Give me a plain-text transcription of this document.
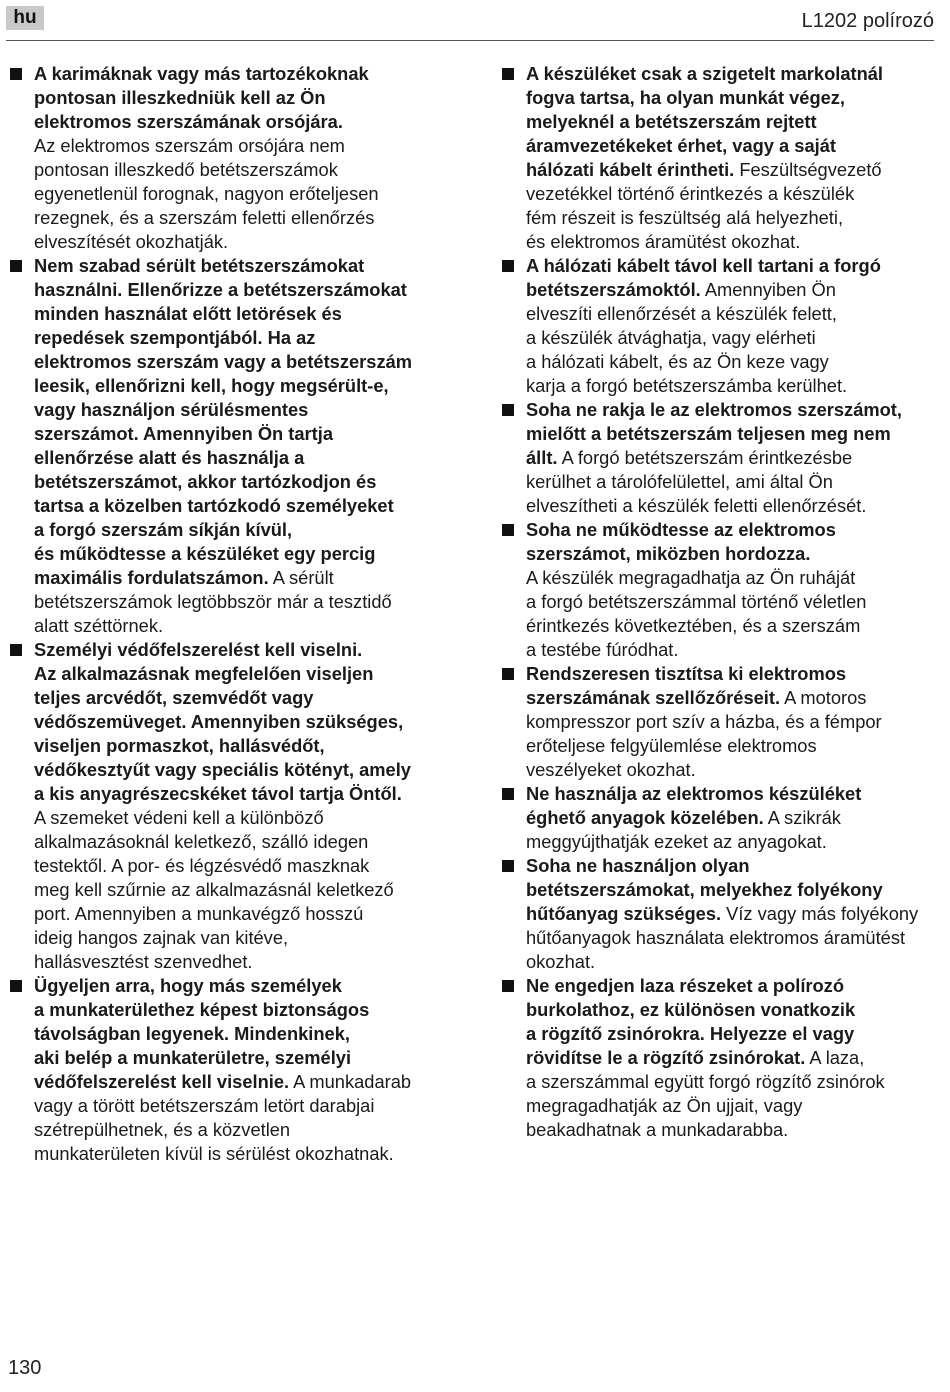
hu	L1202 polírozó
A karimáknak vagy más tartozékoknak
pontosan illeszkedniük kell az Ön
elektromos szerszámának orsójára.
Az elektromos szerszám orsójára nem
pontosan illeszkedő betétszerszámok
egyenetlenül forognak, nagyon erőteljesen
rezegnek, és a szerszám feletti ellenőrzés
elveszítését okozhatják.
Nem szabad sérült betétszerszámokat
használni. Ellenőrizze a betétszerszámokat
minden használat előtt letörések és
repedések szempontjából. Ha az
elektromos szerszám vagy a betétszerszám
leesik, ellenőrizni kell, hogy megsérült-e,
vagy használjon sérülésmentes
szerszámot. Amennyiben Ön tartja
ellenőrzése alatt és használja a
betétszerszámot, akkor tartózkodjon és
tartsa a közelben tartózkodó személyeket
a forgó szerszám síkján kívül,
és működtesse a készüléket egy percig
maximális fordulatszámon. A sérült
betétszerszámok legtöbbször már a tesztidő
alatt széttörnek.
Személyi védőfelszerelést kell viselni.
Az alkalmazásnak megfelelően viseljen
teljes arcvédőt, szemvédőt vagy
védőszemüveget. Amennyiben szükséges,
viseljen pormaszkot, hallásvédőt,
védőkesztyűt vagy speciális kötényt, amely
a kis anyagrészecskéket távol tartja Öntől.
A szemeket védeni kell a különböző
alkalmazásoknál keletkező, szálló idegen
testektől. A por- és légzésvédő maszknak
meg kell szűrnie az alkalmazásnál keletkező
port. Amennyiben a munkavégző hosszú
ideig hangos zajnak van kitéve,
hallásvesztést szenvedhet.
Ügyeljen arra, hogy más személyek
a munkaterülethez képest biztonságos
távolságban legyenek. Mindenkinek,
aki belép a munkaterületre, személyi
védőfelszerelést kell viselnie. A munkadarab
vagy a törött betétszerszám letört darabjai
szétrepülhetnek, és a közvetlen
munkaterületen kívül is sérülést okozhatnak.
A készüléket csak a szigetelt markolatnál
fogva tartsa, ha olyan munkát végez,
melyeknél a betétszerszám rejtett
áramvezetékeket érhet, vagy a saját
hálózati kábelt érintheti. Feszültségvezető
vezetékkel történő érintkezés a készülék
fém részeit is feszültség alá helyezheti,
és elektromos áramütést okozhat.
A hálózati kábelt távol kell tartani a forgó
betétszerszámoktól. Amennyiben Ön
elveszíti ellenőrzését a készülék felett,
a készülék átvághatja, vagy elérheti
a hálózati kábelt, és az Ön keze vagy
karja a forgó betétszerszámba kerülhet.
Soha ne rakja le az elektromos szerszámot,
mielőtt a betétszerszám teljesen meg nem
állt. A forgó betétszerszám érintkezésbe
kerülhet a tárolófelülettel, ami által Ön
elveszítheti a készülék feletti ellenőrzését.
Soha ne működtesse az elektromos
szerszámot, miközben hordozza.
A készülék megragadhatja az Ön ruháját
a forgó betétszerszámmal történő véletlen
érintkezés következtében, és a szerszám
a testébe fúródhat.
Rendszeresen tisztítsa ki elektromos
szerszámának szellőzőréseit. A motoros
kompresszor port szív a házba, és a fémpor
erőteljese felgyülemlése elektromos
veszélyeket okozhat.
Ne használja az elektromos készüléket
éghető anyagok közelében. A szikrák
meggyújthatják ezeket az anyagokat.
Soha ne használjon olyan
betétszerszámokat, melyekhez folyékony
hűtőanyag szükséges. Víz vagy más folyékony
hűtőanyagok használata elektromos áramütést
okozhat.
Ne engedjen laza részeket a polírozó
burkolathoz, ez különösen vonatkozik
a rögzítő zsinórokra. Helyezze el vagy
rövidítse le a rögzítő zsinórokat. A laza,
a szerszámmal együtt forgó rögzítő zsinórok
megragadhatják az Ön ujjait, vagy
beakadhatnak a munkadarabba.
130
